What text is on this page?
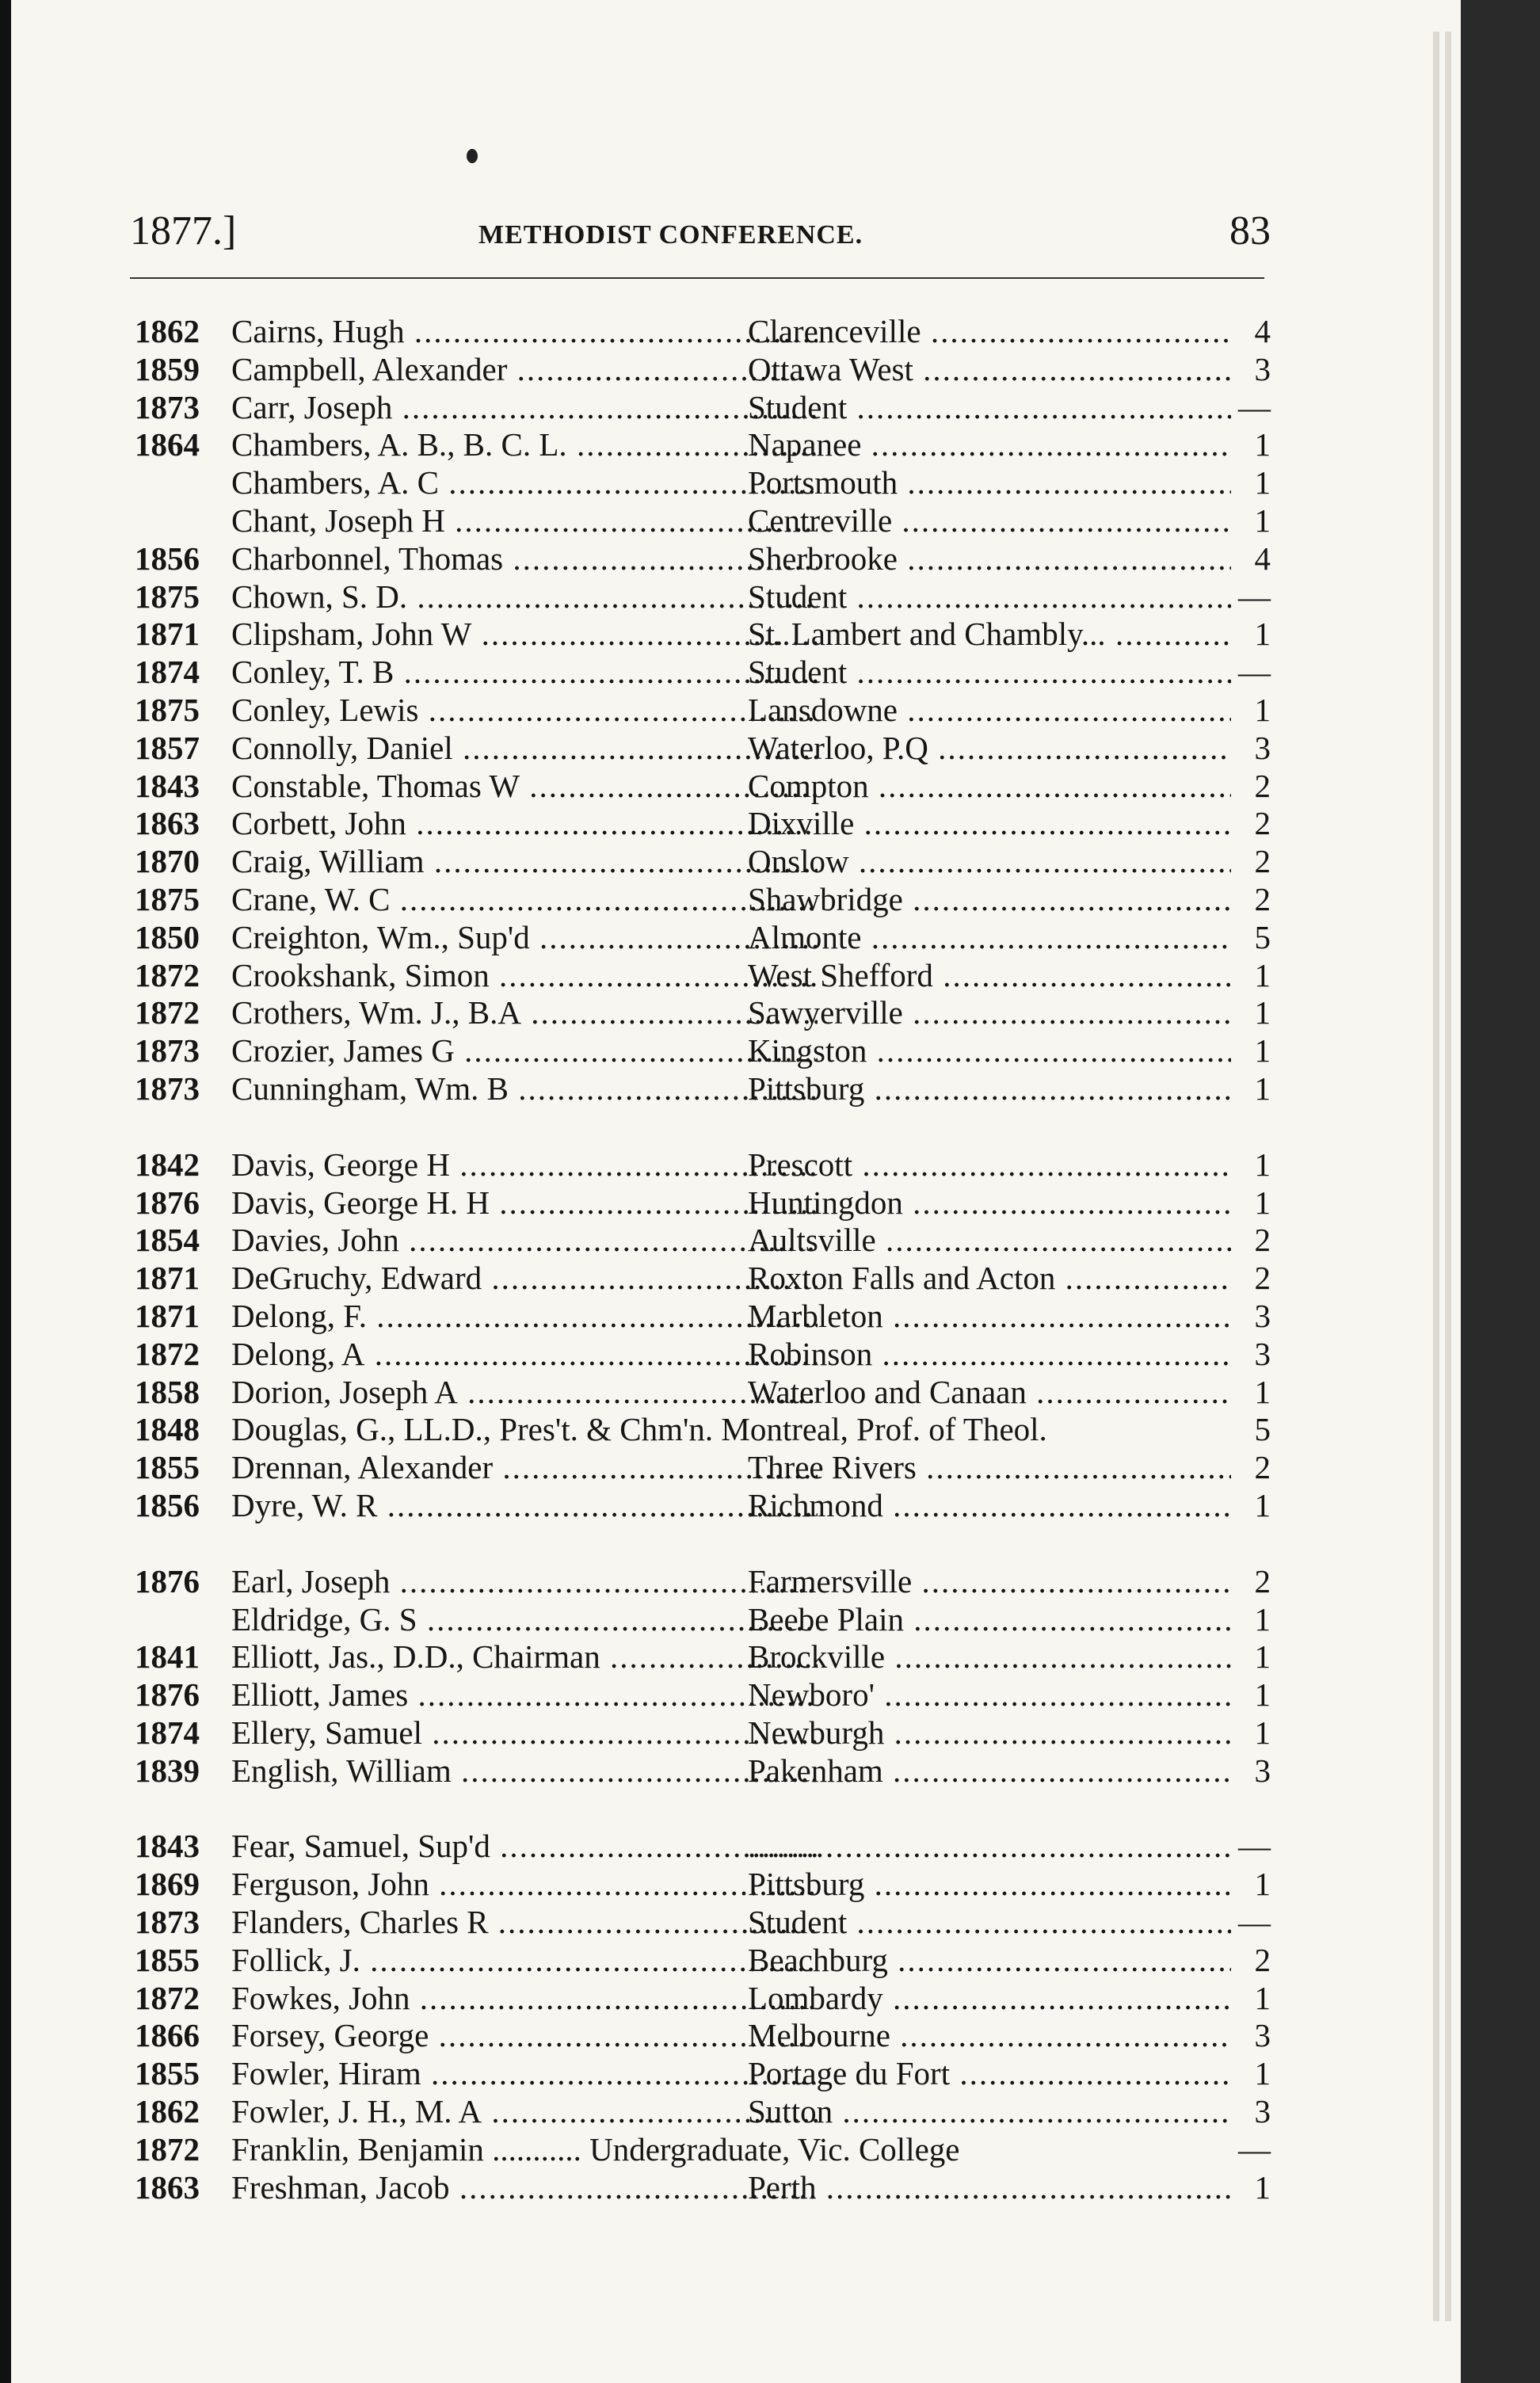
1877.]	METHODIST CONFERENCE.	83
1862 Cairns, Hugh .....	Clarenceville .....	4
1859 Campbell, Alexander .....	Ottawa West .....	3
1873 Carr, Joseph .....	Student .....	—
1864 Chambers, A. B., B. C. L. .....	Napanee .....	1
Chambers, A. C .....	Portsmouth .....	1
Chant, Joseph H .....	Centreville .....	1
1856 Charbonnel, Thomas .....	Sherbrooke .....	4
1875 Chown, S. D. .....	Student .....	—
1871 Clipsham, John W .....	St. Lambert and Chambly... .....	1
1874 Conley, T. B .....	Student .....	—
1875 Conley, Lewis .....	Lansdowne .....	1
1857 Connolly, Daniel .....	Waterloo, P.Q .....	3
1843 Constable, Thomas W .....	Compton .....	2
1863 Corbett, John .....	Dixville .....	2
1870 Craig, William .....	Onslow .....	2
1875 Crane, W. C .....	Shawbridge .....	2
1850 Creighton, Wm., Sup'd .....	Almonte .....	5
1872 Crookshank, Simon .....	West Shefford .....	1
1872 Crothers, Wm. J., B.A .....	Sawyerville .....	1
1873 Crozier, James G .....	Kingston .....	1
1873 Cunningham, Wm. B .....	Pittsburg .....	1
1842 Davis, George H .....	Prescott .....	1
1876 Davis, George H. H .....	Huntingdon .....	1
1854 Davies, John .....	Aultsville .....	2
1871 DeGruchy, Edward .....	Roxton Falls and Acton .....	2
1871 Delong, F. .....	Marbleton .....	3
1872 Delong, A .....	Robinson .....	3
1858 Dorion, Joseph A .....	Waterloo and Canaan .....	1
1848 Douglas, G., LL.D., Pres't. & Chm'n. Montreal, Prof. of Theol.	5
1855 Drennan, Alexander .....	Three Rivers .....	2
1856 Dyre, W. R .....	Richmond .....	1
1876 Earl, Joseph .....	Farmersville .....	2
Eldridge, G. S .....	Beebe Plain .....	1
1841 Elliott, Jas., D.D., Chairman .....	Brockville .....	1
1876 Elliott, James .....	Newboro' .....	1
1874 Ellery, Samuel .....	Newburgh .....	1
1839 English, William .....	Pakenham .....	3
1843 Fear, Samuel, Sup'd ..... .....	—
1869 Ferguson, John .....	Pittsburg .....	1
1873 Flanders, Charles R .....	Student .....	—
1855 Follick, J. .....	Beachburg .....	2
1872 Fowkes, John .....	Lombardy .....	1
1866 Forsey, George .....	Melbourne .....	3
1855 Fowler, Hiram .....	Portage du Fort .....	1
1862 Fowler, J. H., M. A .....	Sutton .....	3
1872 Franklin, Benjamin ........... Undergraduate, Vic. College	—
1863 Freshman, Jacob .....	Perth .....	1
